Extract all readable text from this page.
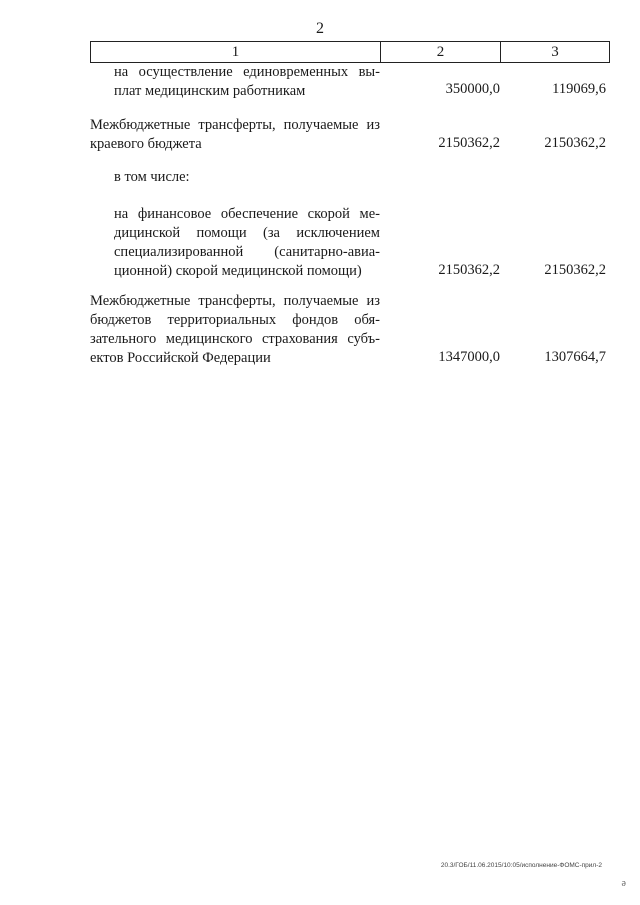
2
1	2	3
на осуществление единовременных вы-плат медицинским работникам	350000,0	119069,6
Межбюджетные трансферты, получаемые из краевого бюджета	2150362,2	2150362,2
в том числе:
на финансовое обеспечение скорой ме-дицинской помощи (за исключением специализированной (санитарно-авиа-ционной) скорой медицинской помощи)	2150362,2	2150362,2
Межбюджетные трансферты, получаемые из бюджетов территориальных фондов обя-зательного медицинского страхования субъ-ектов Российской Федерации	1347000,0	1307664,7
20.3/ГОБ/11.06.2015/10:05/исполнение-ФОМС-прил-2
ə
